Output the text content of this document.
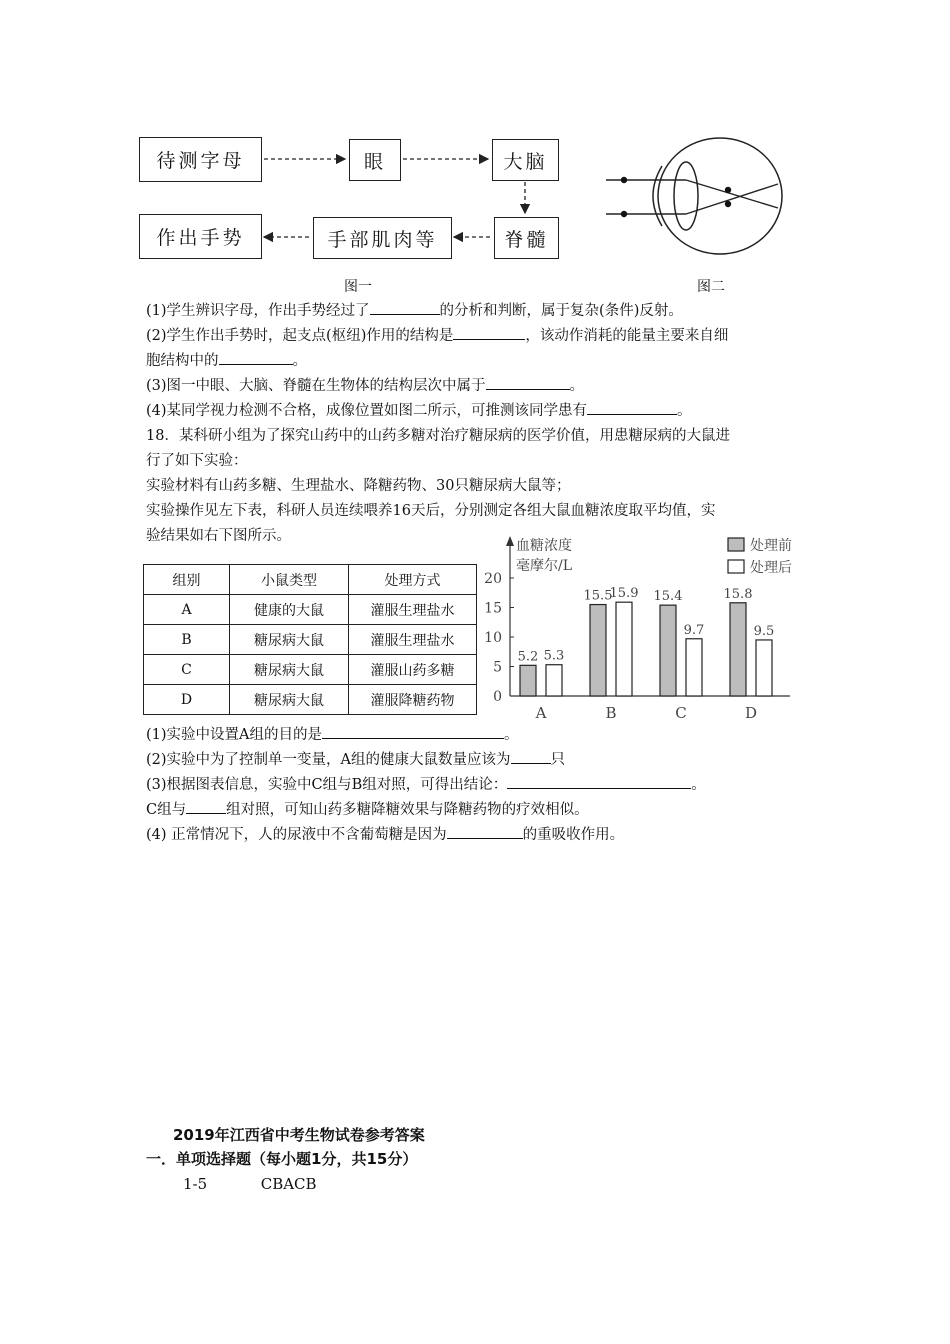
待测字母	眼	大脑
脊髓
手部肌肉等
作出手势
图一	图二
(1)学生辨识字母，作出手势经过了	的分析和判断，属于复杂(条件)反射。
(2)学生作出手势时，起支点(枢纽)作用的结构是	，该动作消耗的能量主要来自细
胞结构中的	。
(3)图一中眼、大脑、脊髓在生物体的结构层次中属于	。
(4)某同学视力检测不合格，成像位置如图二所示，可推测该同学患有	。
18．某科研小组为了探究山药中的山药多糖对治疗糖尿病的医学价值，用患糖尿病的大鼠进
行了如下实验：
实验材料有山药多糖、生理盐水、降糖药物、30只糖尿病大鼠等；
实验操作见左下表，科研人员连续喂养16天后，分别测定各组大鼠血糖浓度取平均值，实
验结果如右下图所示。
组别	小鼠类型	处理方式
A	健康的大鼠	灌服生理盐水
B	糖尿病大鼠	灌服生理盐水
C	糖尿病大鼠	灌服山药多糖
D	糖尿病大鼠	灌服降糖药物
血糖浓度
毫摩尔/L
0
5
10
15
20
5.2 5.3
A
15.5
15.9
B
15.4
9.7
C
15.8
9.5
D
处理前
处理后
(1)实验中设置A组的目的是	。
(2)实验中为了控制单一变量，A组的健康大鼠数量应该为	只
(3)根据图表信息，实验中C组与B组对照，可得出结论：	。
C组与	组对照，可知山药多糖降糖效果与降糖药物的疗效相似。
(4) 正常情况下，人的尿液中不含葡萄糖是因为	的重吸收作用。
2019年江西省中考生物试卷参考答案
一．单项选择题（每小题1分，共15分）
1-5	CBACB
